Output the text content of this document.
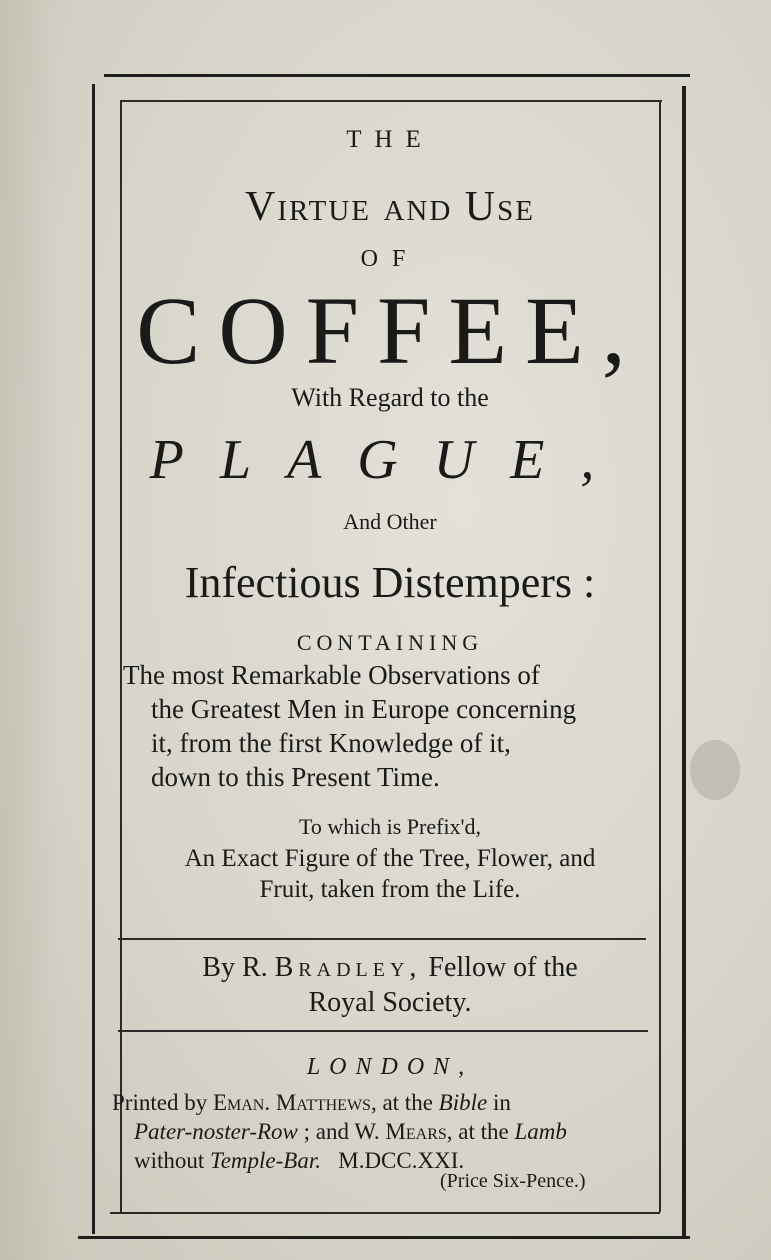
THE
Virtue and Use
OF
COFFEE,
With Regard to the
PLAGUE,
And Other
Infectious Distempers :
CONTAINING
The most Remarkable Observations of
the Greatest Men in Europe concerning
it, from the first Knowledge of it,
down to this Present Time.
To which is Prefix'd,
An Exact Figure of the Tree, Flower, and
Fruit, taken from the Life.
By R. Bradley, Fellow of the
Royal Society.
LONDON,
Printed by Eman. Matthews, at the Bible in
Pater-noster-Row ; and W. Mears, at the Lamb
without Temple-Bar. M.DCC.XXI.
(Price Six-Pence.)
